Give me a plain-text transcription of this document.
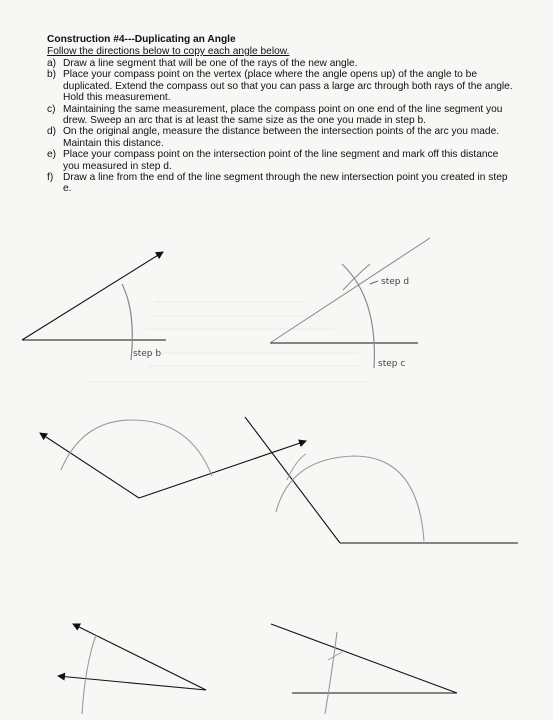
Construction #4---Duplicating an Angle
Follow the directions below to copy each angle below.
a) Draw a line segment that will be one of the rays of the new angle.
b) Place your compass point on the vertex (place where the angle opens up) of the angle to be duplicated. Extend the compass out so that you can pass a large arc through both rays of the angle. Hold this measurement.
c) Maintaining the same measurement, place the compass point on one end of the line segment you drew. Sweep an arc that is at least the same size as the one you made in step b.
d) On the original angle, measure the distance between the intersection points of the arc you made. Maintain this distance.
e) Place your compass point on the intersection point of the line segment and mark off this distance you measured in step d.
f) Draw a line from the end of the line segment through the new intersection point you created in step e.
step b
step d
step c
